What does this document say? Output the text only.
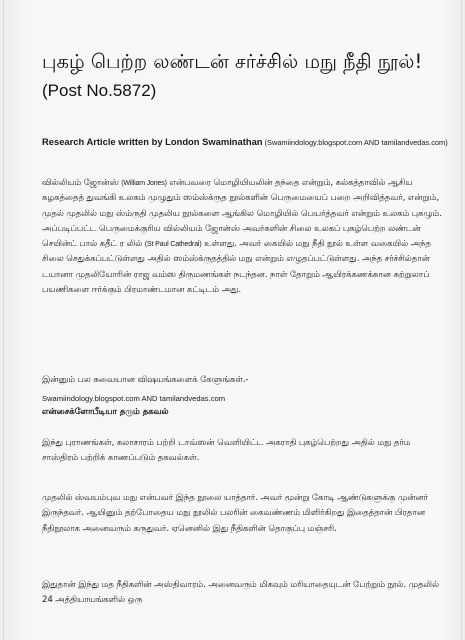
புகழ் பெற்ற லண்டன் சர்ச்சில் மநு நீதி நூல்! (Post No.5872)
Research Article written by London Swaminathan (Swamiindology.blogspot.com AND tamilandvedas.com)
வில்லியம் ஜோன்ஸ் (William Jones) என்பவரை மொழியியலின் தந்தை என்றும், கல்கத்தாவில் ஆசிய கழகத்தைத் துவங்கி உலகம் முழுதும் ஸம்ஸ்க்ருத நூல்களின் பெருமையைப் பறை அறிவித்தவர், என்றும், முதல் முதலில் மநு ஸ்ம்ருதி முதலிய நூல்களை ஆங்கில மொழியில் பெயர்த்தவர் என்றும் உலகம் புகழும். அப்படிப்பட்ட பெருமைக்குரிய வில்லியம் ஜோன்ஸ் அவர்களின் சிலை உலகப் புகழ்பெற்ற லண்டன் செயின்ட் பால் கதீட் ர லில் (St Paul Cathedral) உள்ளது. அவர் கையில் மநு நீதி நூல் உள்ள வகையில் அந்த சிலை செதுக்கப்பட்டுள்ளது அதில் ஸம்ஸ்க்ருதத்தில் மநு என்றும் எழுதப்பட்டுள்ளது. அந்த சர்ச்சில்தான் டயானா முதலியோரின் ராஜ வம்ஸ திருமணங்கள் நடந்தன. நாள் தோறும் ஆயிரக்கணக்கான சுற்றுலாப் பயணிகளை ஈர்க்கும் பிரமாண்டமான கட்டிடம் அது.
இன்னும் பல சுவையான விஷயங்களைக் கேளுங்கள்.-
Swamiindology.blogspot.com AND tamilandvedas.com
என்சைக்ளோபீடியா தரும் தகவல்
இந்து புராணங்கள், கலாசாரம் பற்றி டாவ்ஸன் வெளியிட்ட அகராதி புகழ்பெற்றது அதில் மநு தர்ம சாஸ்திரம் பற்றிக் காணப்படும் தகவல்கள்.
முதலில் ஸ்வயம்புவ மநு என்பவர் இந்த நூலை யாத்தார். அவர் மூன்று கோடி ஆண்டுகளுக்கு முன்னர் இருந்தவர். ஆயினும் தற்போதைய மநு நூலில் பலரின் கைவண்ணம் மிளிர்கிறது இதைத்தான் பிரதான நீதிநூலாக அனைவரும் கருதுவர். ஏனெனில் இது நீதிகளின் தொகுப்பு மஞ்சரி.
இதுதான் இந்து மத நீதிகளின் அஸ்திவாரம். அனைவரும் மிகவும் மரியாதையுடன் பேற்றும் நூல். முதலில் 24 அத்தியாயங்களில் ஒரு
